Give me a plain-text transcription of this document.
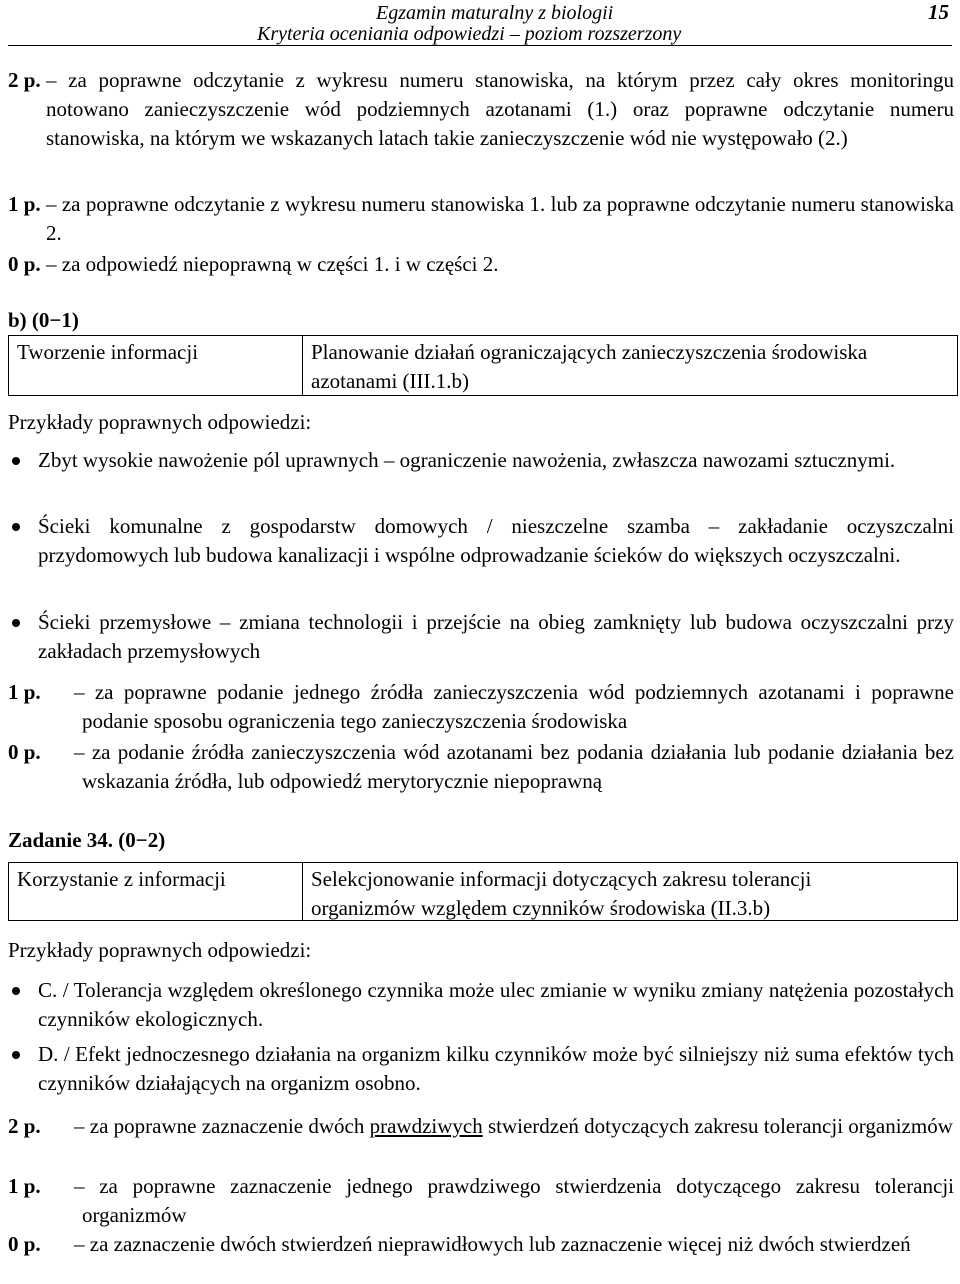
Egzamin maturalny z biologii
Kryteria oceniania odpowiedzi – poziom rozszerzony
15
2 p. – za poprawne odczytanie z wykresu numeru stanowiska, na którym przez cały okres monitoringu notowano zanieczyszczenie wód podziemnych azotanami (1.) oraz poprawne odczytanie numeru stanowiska, na którym we wskazanych latach takie zanieczyszczenie wód nie występowało (2.)
1 p. – za poprawne odczytanie z wykresu numeru stanowiska 1. lub za poprawne odczytanie numeru stanowiska 2.
0 p. – za odpowiedź niepoprawną w części 1. i w części 2.
b) (0−1)
Tworzenie informacji	Planowanie działań ograniczających zanieczyszczenia środowiska azotanami (III.1.b)
Przykłady poprawnych odpowiedzi:
Zbyt wysokie nawożenie pól uprawnych – ograniczenie nawożenia, zwłaszcza nawozami sztucznymi.
Ścieki komunalne z gospodarstw domowych / nieszczelne szamba – zakładanie oczyszczalni przydomowych lub budowa kanalizacji i wspólne odprowadzanie ścieków do większych oczyszczalni.
Ścieki przemysłowe – zmiana technologii i przejście na obieg zamknięty lub budowa oczyszczalni przy zakładach przemysłowych
1 p. – za poprawne podanie jednego źródła zanieczyszczenia wód podziemnych azotanami i poprawne podanie sposobu ograniczenia tego zanieczyszczenia środowiska
0 p. – za podanie źródła zanieczyszczenia wód azotanami bez podania działania lub podanie działania bez wskazania źródła, lub odpowiedź merytorycznie niepoprawną
Zadanie 34. (0−2)
Korzystanie z informacji	Selekcjonowanie informacji dotyczących zakresu tolerancji organizmów względem czynników środowiska (II.3.b)
Przykłady poprawnych odpowiedzi:
C. / Tolerancja względem określonego czynnika może ulec zmianie w wyniku zmiany natężenia pozostałych czynników ekologicznych.
D. / Efekt jednoczesnego działania na organizm kilku czynników może być silniejszy niż suma efektów tych czynników działających na organizm osobno.
2 p. – za poprawne zaznaczenie dwóch prawdziwych stwierdzeń dotyczących zakresu tolerancji organizmów
1 p. – za poprawne zaznaczenie jednego prawdziwego stwierdzenia dotyczącego zakresu tolerancji organizmów
0 p. – za zaznaczenie dwóch stwierdzeń nieprawidłowych lub zaznaczenie więcej niż dwóch stwierdzeń
